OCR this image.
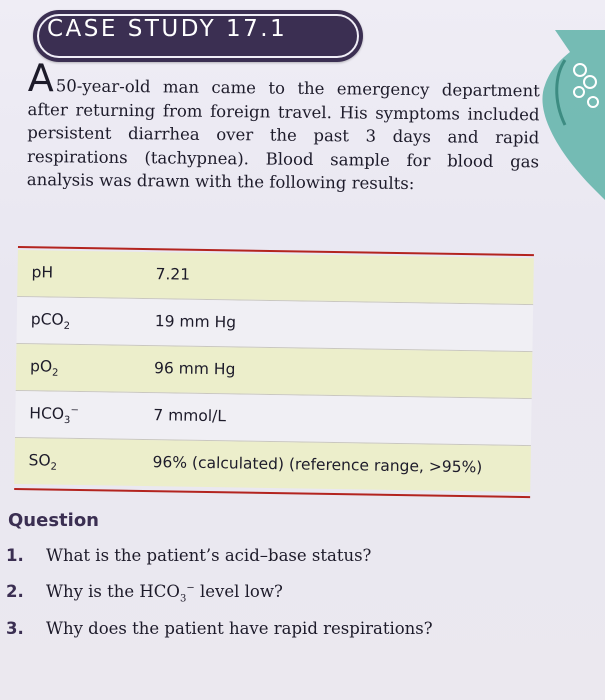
CASE STUDY 17.1
A50-year-old man came to the emergency department after returning from foreign travel. His symptoms included persistent diarrhea over the past 3 days and rapid respirations (tachypnea). Blood sample for blood gas analysis was drawn with the following results:
pH	7.21
pCO$_2$	19 mm Hg
$pO_2$	96 mm Hg
$HCO_3^-$	7 mmol/L
$SO_2$	96% (calculated) (reference range, >95%)
Question
1. What is the patient’s acid–base status?
2. Why is the $HCO_3^-$ level low?
3. Why does the patient have rapid respirations?
